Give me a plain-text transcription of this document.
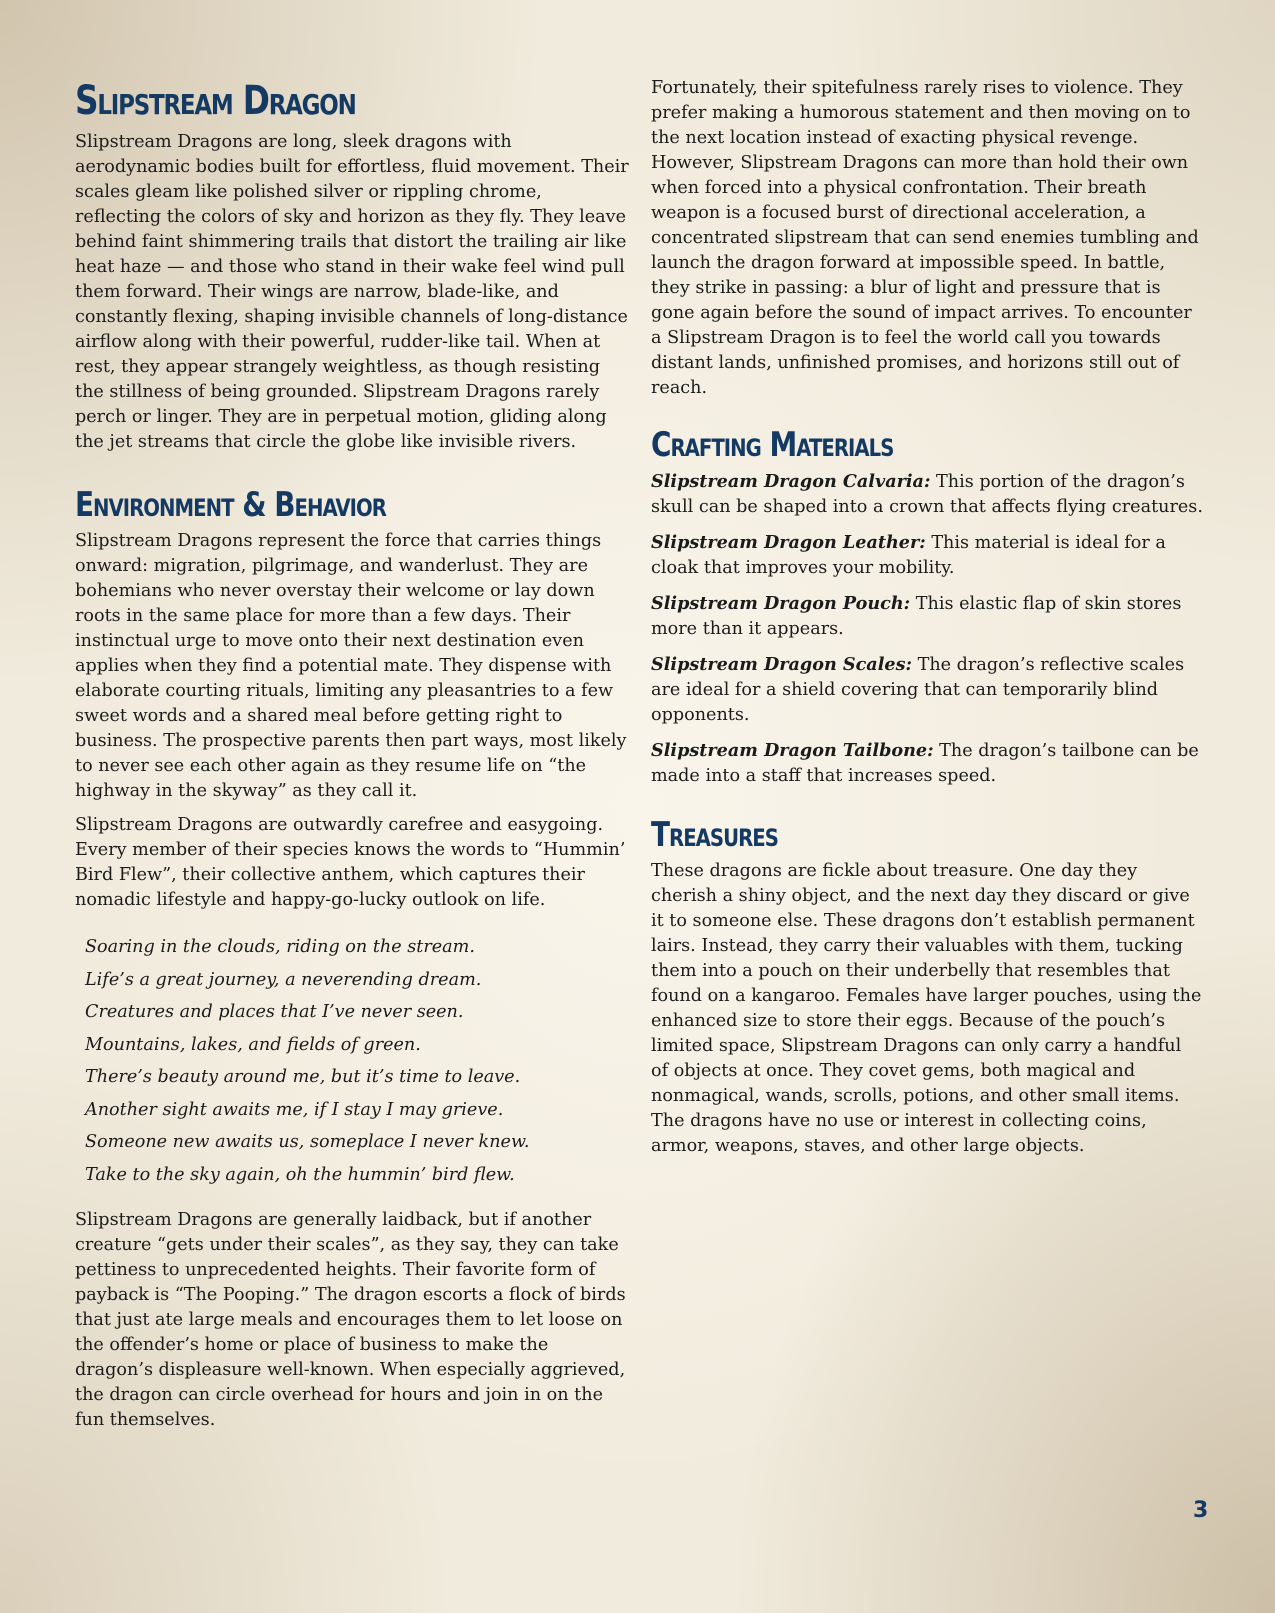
Slipstream Dragon

Slipstream Dragons are long, sleek dragons with aerodynamic bodies built for effortless, fluid movement. Their scales gleam like polished silver or rippling chrome, reflecting the colors of sky and horizon as they fly. They leave behind faint shimmering trails that distort the trailing air like heat haze — and those who stand in their wake feel wind pull them forward. Their wings are narrow, blade-like, and constantly flexing, shaping invisible channels of long-distance airflow along with their powerful, rudder-like tail. When at rest, they appear strangely weightless, as though resisting the stillness of being grounded. Slipstream Dragons rarely perch or linger. They are in perpetual motion, gliding along the jet streams that circle the globe like invisible rivers.

Environment & Behavior

Slipstream Dragons represent the force that carries things onward: migration, pilgrimage, and wanderlust. They are bohemians who never overstay their welcome or lay down roots in the same place for more than a few days. Their instinctual urge to move onto their next destination even applies when they find a potential mate. They dispense with elaborate courting rituals, limiting any pleasantries to a few sweet words and a shared meal before getting right to business. The prospective parents then part ways, most likely to never see each other again as they resume life on “the highway in the skyway” as they call it.

Slipstream Dragons are outwardly carefree and easygoing. Every member of their species knows the words to “Hummin’ Bird Flew”, their collective anthem, which captures their nomadic lifestyle and happy-go-lucky outlook on life.

Soaring in the clouds, riding on the stream.

Life’s a great journey, a neverending dream.

Creatures and places that I’ve never seen.

Mountains, lakes, and fields of green.

There’s beauty around me, but it’s time to leave.

Another sight awaits me, if I stay I may grieve.

Someone new awaits us, someplace I never knew.

Take to the sky again, oh the hummin’ bird flew.

Slipstream Dragons are generally laidback, but if another creature “gets under their scales”, as they say, they can take pettiness to unprecedented heights. Their favorite form of payback is “The Pooping.” The dragon escorts a flock of birds that just ate large meals and encourages them to let loose on the offender’s home or place of business to make the dragon’s displeasure well-known. When especially aggrieved, the dragon can circle overhead for hours and join in on the fun themselves.

Fortunately, their spitefulness rarely rises to violence. They prefer making a humorous statement and then moving on to the next location instead of exacting physical revenge. However, Slipstream Dragons can more than hold their own when forced into a physical confrontation. Their breath weapon is a focused burst of directional acceleration, a concentrated slipstream that can send enemies tumbling and launch the dragon forward at impossible speed. In battle, they strike in passing: a blur of light and pressure that is gone again before the sound of impact arrives. To encounter a Slipstream Dragon is to feel the world call you towards distant lands, unfinished promises, and horizons still out of reach.

Crafting Materials

Slipstream Dragon Calvaria: This portion of the dragon’s skull can be shaped into a crown that affects flying creatures.

Slipstream Dragon Leather: This material is ideal for a cloak that improves your mobility.

Slipstream Dragon Pouch: This elastic flap of skin stores more than it appears.

Slipstream Dragon Scales: The dragon’s reflective scales are ideal for a shield covering that can temporarily blind opponents.

Slipstream Dragon Tailbone: The dragon’s tailbone can be made into a staff that increases speed.

Treasures

These dragons are fickle about treasure. One day they cherish a shiny object, and the next day they discard or give it to someone else. These dragons don’t establish permanent lairs. Instead, they carry their valuables with them, tucking them into a pouch on their underbelly that resembles that found on a kangaroo. Females have larger pouches, using the enhanced size to store their eggs. Because of the pouch’s limited space, Slipstream Dragons can only carry a handful of objects at once. They covet gems, both magical and nonmagical, wands, scrolls, potions, and other small items. The dragons have no use or interest in collecting coins, armor, weapons, staves, and other large objects.

3
